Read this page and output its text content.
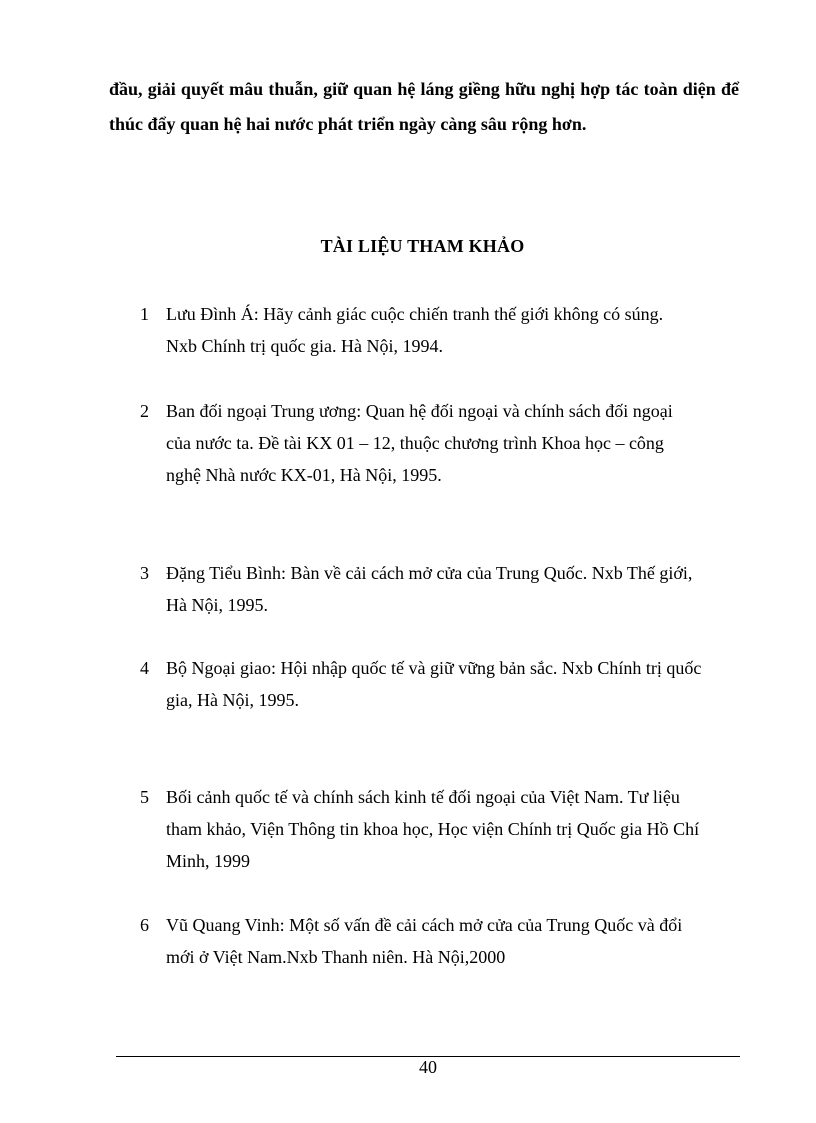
đầu, giải quyết mâu thuẫn, giữ quan hệ láng giềng hữu nghị hợp tác toàn diện để
thúc đẩy quan hệ hai nước phát triển ngày càng sâu rộng hơn.
TÀI LIỆU THAM KHẢO
1 Lưu Đình Á: Hãy cảnh giác cuộc chiến tranh thế giới không có súng.
Nxb Chính trị quốc gia. Hà Nội, 1994.
2 Ban đối ngoại Trung ương: Quan hệ đối ngoại và chính sách đối ngoại
của nước ta. Đề tài KX 01 – 12, thuộc chương trình Khoa học – công
nghệ Nhà nước KX-01, Hà Nội, 1995.
3 Đặng Tiểu Bình: Bàn về cải cách mở cửa của Trung Quốc. Nxb Thế giới,
Hà Nội, 1995.
4 Bộ Ngoại giao: Hội nhập quốc tế và giữ vững bản sắc. Nxb Chính trị quốc
gia, Hà Nội, 1995.
5 Bối cảnh quốc tế và chính sách kinh tế đối ngoại của Việt Nam. Tư liệu
tham khảo, Viện Thông tin khoa học, Học viện Chính trị Quốc gia Hồ Chí
Minh, 1999
6 Vũ Quang Vinh: Một số vấn đề cải cách mở cửa của Trung Quốc và đổi
mới ở Việt Nam.Nxb Thanh niên. Hà Nội,2000
40
